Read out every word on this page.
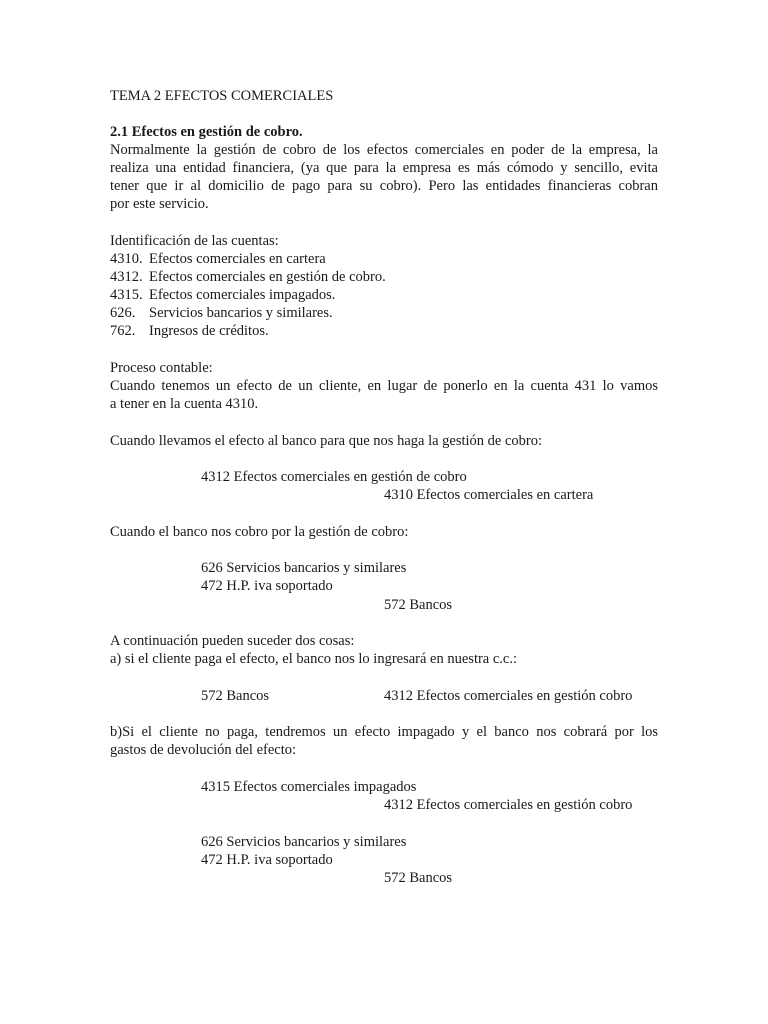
TEMA 2 EFECTOS COMERCIALES
2.1 Efectos en gestión de cobro.
Normalmente la gestión de cobro de los efectos comerciales en poder de la empresa, la
realiza una entidad financiera, (ya que para la empresa es más cómodo y sencillo, evita
tener que ir al domicilio de pago para su cobro). Pero las entidades financieras cobran
por este servicio.
Identificación de las cuentas:
4310. Efectos comerciales en cartera
4312. Efectos comerciales en gestión de cobro.
4315. Efectos comerciales impagados.
626. Servicios bancarios y similares.
762. Ingresos de créditos.
Proceso contable:
Cuando tenemos un efecto de un cliente, en lugar de ponerlo en la cuenta 431 lo vamos
a tener en la cuenta 4310.
Cuando llevamos el efecto al banco para que nos haga la gestión de cobro:
4312 Efectos comerciales en gestión de cobro
4310 Efectos comerciales en cartera
Cuando el banco nos cobro por la gestión de cobro:
626 Servicios bancarios y similares
472 H.P. iva soportado
572 Bancos
A continuación pueden suceder dos cosas:
a) si el cliente paga el efecto, el banco nos lo ingresará en nuestra c.c.:
572 Bancos	4312 Efectos comerciales en gestión cobro
b)Si el cliente no paga, tendremos un efecto impagado y el banco nos cobrará por los
gastos de devolución del efecto:
4315 Efectos comerciales impagados
4312 Efectos comerciales en gestión cobro
626 Servicios bancarios y similares
472 H.P. iva soportado
572 Bancos
